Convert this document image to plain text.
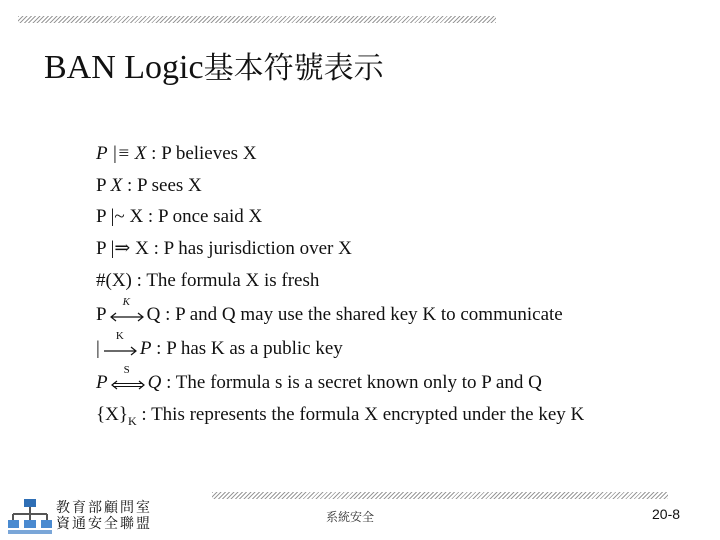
BAN Logic基本符號表示
P |≡ X : P believes X
P X : P sees X
P |~ X : P once said X
P |⇒ X : P has jurisdiction over X
#(X) : The formula X is fresh
P
K
Q : P and Q may use the shared key K to communicate
|
K
P : P has K as a public key
P
S
Q : The formula s is a secret known only to P and Q
$\{X\}_K$ : This represents the formula X encrypted under the key K
教育部顧問室
資通安全聯盟	系統安全	20-8
